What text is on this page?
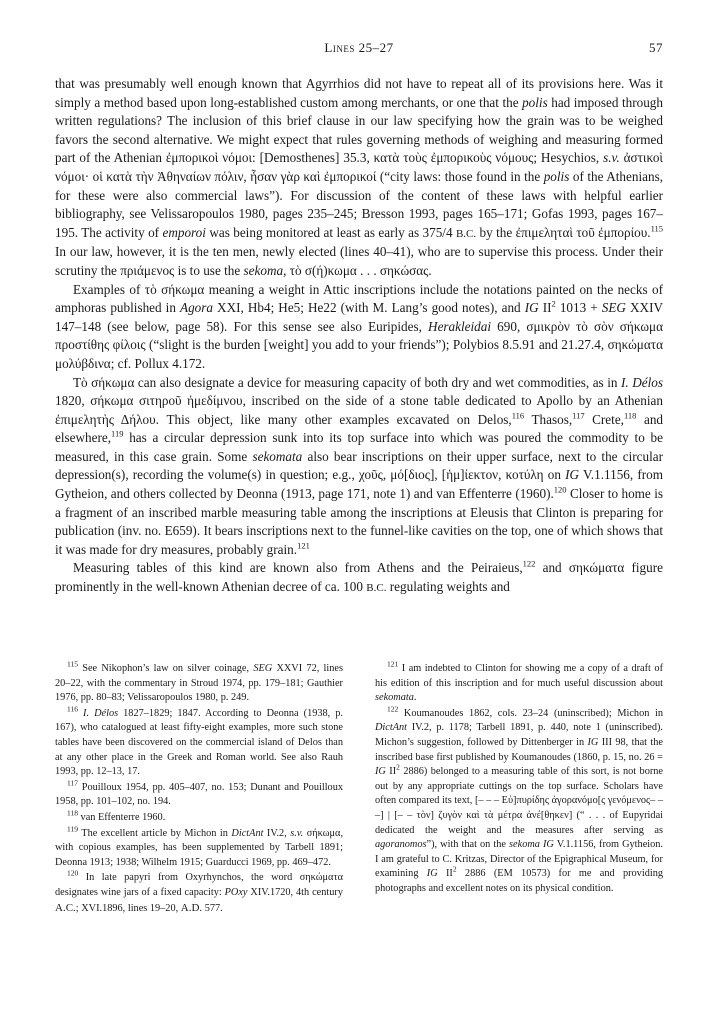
Lines 25–27	57

that was presumably well enough known that Agyrrhios did not have to repeat all of its provisions here. Was it simply a method based upon long-established custom among merchants, or one that the polis had imposed through written regulations? The inclusion of this brief clause in our law specifying how the grain was to be weighed favors the second alternative. We might expect that rules governing methods of weighing and measuring formed part of the Athenian ἐμπορικοὶ νόμοι: [Demosthenes] 35.3, κατὰ τοὺς ἐμπορικοὺς νόμους; Hesychios, s.v. ἀστικοὶ νόμοι· οἱ κατὰ τὴν Ἀθηναίων πόλιν, ἦσαν γὰρ καὶ ἐμπορικοί (“city laws: those found in the polis of the Athenians, for these were also commercial laws”). For discussion of the content of these laws with helpful earlier bibliography, see Velissaropoulos 1980, pages 235–245; Bresson 1993, pages 165–171; Gofas 1993, pages 167–195. The activity of emporoi was being monitored at least as early as 375/4 B.C. by the ἐπιμεληταὶ τοῦ ἐμπορίου.$^{115}$ In our law, however, it is the ten men, newly elected (lines 40–41), who are to supervise this process. Under their scrutiny the πριάμενος is to use the sekoma, τὸ σ(ή)κωμα . . . σηκώσας.

Examples of τὸ σήκωμα meaning a weight in Attic inscriptions include the notations painted on the necks of amphoras published in Agora XXI, Hb4; He5; He22 (with M. Lang’s good notes), and IG $II^2$ 1013 + SEG XXIV 147–148 (see below, page 58). For this sense see also Euripides, Herakleidai 690, σμικρὸν τὸ σὸν σήκωμα προστίθης φίλοις (“slight is the burden [weight] you add to your friends”); Polybios 8.5.91 and 21.27.4, σηκώματα μολύβδινα; cf. Pollux 4.172.

Τὸ σήκωμα can also designate a device for measuring capacity of both dry and wet commodities, as in I. Délos 1820, σήκωμα σιτηροῦ ἡμεδίμνου, inscribed on the side of a stone table dedicated to Apollo by an Athenian ἐπιμελητὴς Δήλου. This object, like many other examples excavated on Delos,$^{116}$ Thasos,$^{117}$ Crete,$^{118}$ and elsewhere,$^{119}$ has a circular depression sunk into its top surface into which was poured the commodity to be measured, in this case grain. Some sekomata also bear inscriptions on their upper surface, next to the circular depression(s), recording the volume(s) in question; e.g., χοῦς, μό[διος], [ἡμ]ίεκτον, κοτύλη on IG V.1.1156, from Gytheion, and others collected by Deonna (1913, page 171, note 1) and van Effenterre (1960).$^{120}$ Closer to home is a fragment of an inscribed marble measuring table among the inscriptions at Eleusis that Clinton is preparing for publication (inv. no. E659). It bears inscriptions next to the funnel-like cavities on the top, one of which shows that it was made for dry measures, probably grain.$^{121}$

Measuring tables of this kind are known also from Athens and the Peiraieus,$^{122}$ and σηκώματα figure prominently in the well-known Athenian decree of ca. 100 B.C. regulating weights and

$^{115}$ See Nikophon’s law on silver coinage, SEG XXVI 72, lines 20–22, with the commentary in Stroud 1974, pp. 179–181; Gauthier 1976, pp. 80–83; Velissaropoulos 1980, p. 249.

$^{116}$ I. Délos 1827–1829; 1847. According to Deonna (1938, p. 167), who catalogued at least fifty-eight examples, more such stone tables have been discovered on the commercial island of Delos than at any other place in the Greek and Roman world. See also Rauh 1993, pp. 12–13, 17.

$^{117}$ Pouilloux 1954, pp. 405–407, no. 153; Dunant and Pouilloux 1958, pp. 101–102, no. 194.

$^{118}$ van Effenterre 1960.

$^{119}$ The excellent article by Michon in DictAnt IV.2, s.v. σήκωμα, with copious examples, has been supplemented by Tarbell 1891; Deonna 1913; 1938; Wilhelm 1915; Guarducci 1969, pp. 469–472.

$^{120}$ In late papyri from Oxyrhynchos, the word σηκώματα designates wine jars of a fixed capacity: POxy XIV.1720, 4th century A.C.; XVI.1896, lines 19–20, A.D. 577.

$^{121}$ I am indebted to Clinton for showing me a copy of a draft of his edition of this inscription and for much useful discussion about sekomata.

$^{122}$ Koumanoudes 1862, cols. 23–24 (uninscribed); Michon in DictAnt IV.2, p. 1178; Tarbell 1891, p. 440, note 1 (uninscribed). Michon’s suggestion, followed by Dittenberger in IG III 98, that the inscribed base first published by Koumanoudes (1860, p. 15, no. 26 = IG $II^2$ 2886) belonged to a measuring table of this sort, is not borne out by any appropriate cuttings on the top surface. Scholars have often compared its text, [– – – Εὐ]πυρίδης ἀγορανόμο[ς γενόμενος– – –] | [– – τὸν] ζυγὸν καὶ τὰ μέτρα ἀνέ[θηκεν] (“ . . . of Eupyridai dedicated the weight and the measures after serving as agoranomos”), with that on the sekoma IG V.1.1156, from Gytheion. I am grateful to C. Kritzas, Director of the Epigraphical Museum, for examining IG $II^2$ 2886 (EM 10573) for me and providing photographs and excellent notes on its physical condition.
